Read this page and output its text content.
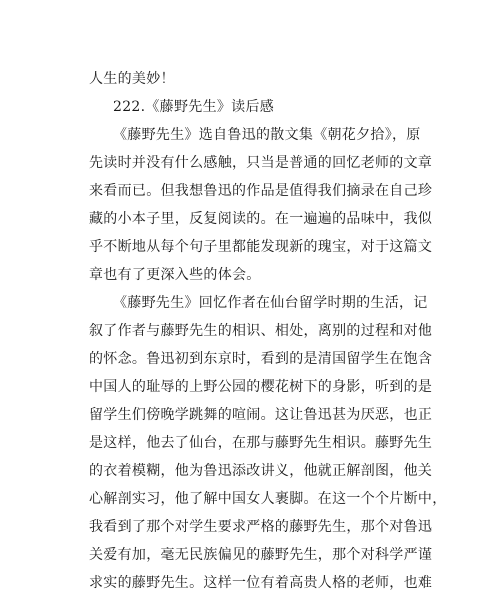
人生的美妙！
222.《藤野先生》读后感
《藤野先生》选自鲁迅的散文集《朝花夕拾》，原
先读时并没有什么感触，只当是普通的回忆老师的文章
来看而已。但我想鲁迅的作品是值得我们摘录在自己珍
藏的小本子里，反复阅读的。在一遍遍的品味中，我似
乎不断地从每个句子里都能发现新的瑰宝，对于这篇文
章也有了更深入些的体会。
《藤野先生》回忆作者在仙台留学时期的生活，记
叙了作者与藤野先生的相识、相处，离别的过程和对他
的怀念。鲁迅初到东京时，看到的是清国留学生在饱含
中国人的耻辱的上野公园的樱花树下的身影，听到的是
留学生们傍晚学跳舞的喧闹。这让鲁迅甚为厌恶，也正
是这样，他去了仙台，在那与藤野先生相识。藤野先生
的衣着模糊，他为鲁迅添改讲义，他就正解剖图，他关
心解剖实习，他了解中国女人裹脚。在这一个个片断中，
我看到了那个对学生要求严格的藤野先生，那个对鲁迅
关爱有加，毫无民族偏见的藤野先生，那个对科学严谨
求实的藤野先生。这样一位有着高贵人格的老师，也难
